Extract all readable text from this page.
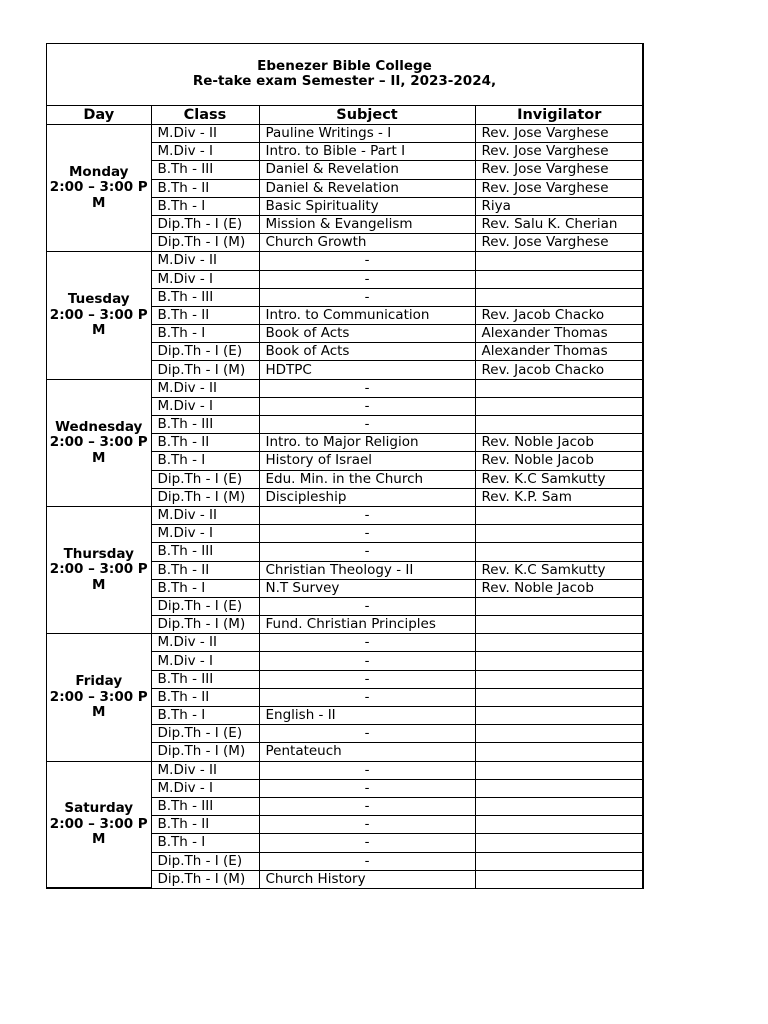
Ebenezer Bible College
Re-take exam Semester – II, 2023-2024,
Day	Class	Subject	Invigilator

Monday
2:00 – 3:00 PM	M.Div - II	Pauline Writings - I	Rev. Jose Varghese
	M.Div - I	Intro. to Bible - Part I	Rev. Jose Varghese
	B.Th - III	Daniel & Revelation	Rev. Jose Varghese
	B.Th - II	Daniel & Revelation	Rev. Jose Varghese
	B.Th - I	Basic Spirituality	Riya
	Dip.Th - I (E)	Mission & Evangelism	Rev. Salu K. Cherian
	Dip.Th - I (M)	Church Growth	Rev. Jose Varghese

Tuesday
2:00 – 3:00 PM	M.Div - II	-	
	M.Div - I	-	
	B.Th - III	-	
	B.Th - II	Intro. to Communication	Rev. Jacob Chacko
	B.Th - I	Book of Acts	Alexander Thomas
	Dip.Th - I (E)	Book of Acts	Alexander Thomas
	Dip.Th - I (M)	HDTPC	Rev. Jacob Chacko

Wednesday
2:00 – 3:00 PM	M.Div - II	-	
	M.Div - I	-	
	B.Th - III	-	
	B.Th - II	Intro. to Major Religion	Rev. Noble Jacob
	B.Th - I	History of Israel	Rev. Noble Jacob
	Dip.Th - I (E)	Edu. Min. in the Church	Rev. K.C Samkutty
	Dip.Th - I (M)	Discipleship	Rev. K.P. Sam

Thursday
2:00 – 3:00 PM	M.Div - II	-	
	M.Div - I	-	
	B.Th - III	-	
	B.Th - II	Christian Theology - II	Rev. K.C Samkutty
	B.Th - I	N.T Survey	Rev. Noble Jacob
	Dip.Th - I (E)	-	
	Dip.Th - I (M)	Fund. Christian Principles	

Friday
2:00 – 3:00 PM	M.Div - II	-	
	M.Div - I	-	
	B.Th - III	-	
	B.Th - II	-	
	B.Th - I	English - II	
	Dip.Th - I (E)	-	
	Dip.Th - I (M)	Pentateuch	

Saturday
2:00 – 3:00 PM	M.Div - II	-	
	M.Div - I	-	
	B.Th - III	-	
	B.Th - II	-	
	B.Th - I	-	
	Dip.Th - I (E)	-	
	Dip.Th - I (M)	Church History	
